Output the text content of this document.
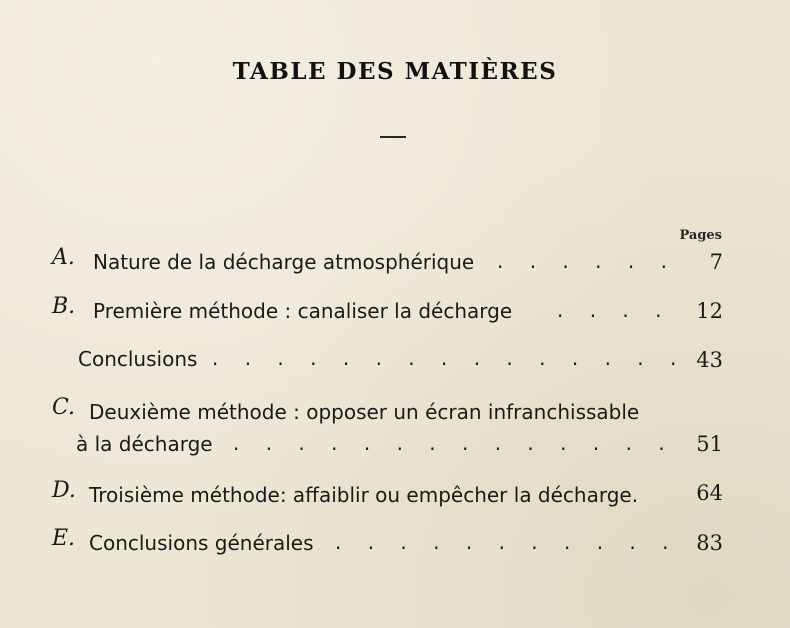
TABLE DES MATIÈRES
Pages
A. Nature de la décharge atmosphérique . . . . . .	7
B. Première méthode : canaliser la décharge . . . .	12
Conclusions . . . . . . . . . . . . . . . 43
C. Deuxième méthode : opposer un écran infranchissable
à la décharge . . . . . . . . . . . . . .	51
D. Troisième méthode: affaiblir ou empêcher la décharge.	64
E. Conclusions générales . . . . . . . . . . . 83
